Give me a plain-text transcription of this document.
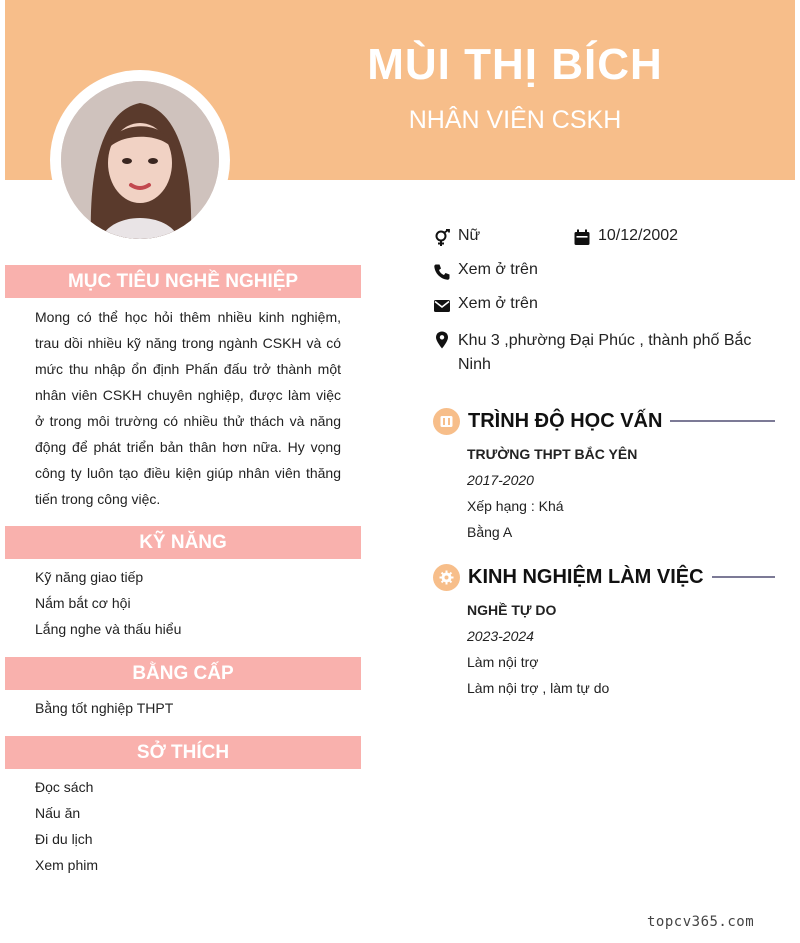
MÙI THỊ BÍCH
NHÂN VIÊN CSKH
MỤC TIÊU NGHỀ NGHIỆP
Mong có thể học hỏi thêm nhiều kinh nghiệm, trau dồi nhiều kỹ năng trong ngành CSKH và có mức thu nhập ổn định Phấn đấu trở thành một nhân viên CSKH chuyên nghiệp, được làm việc ở trong môi trường có nhiều thử thách và năng động để phát triển bản thân hơn nữa. Hy vọng công ty luôn tạo điều kiện giúp nhân viên thăng tiến trong công việc.
KỸ NĂNG
Kỹ năng giao tiếp
Nắm bắt cơ hội
Lắng nghe và thấu hiểu
BẰNG CẤP
Bằng tốt nghiệp THPT
SỞ THÍCH
Đọc sách
Nấu ăn
Đi du lịch
Xem phim
Nữ	10/12/2002
Xem ở trên
Xem ở trên
Khu 3 ,phường Đại Phúc , thành phố Bắc Ninh
TRÌNH ĐỘ HỌC VẤN
TRƯỜNG THPT BẮC YÊN
2017-2020
Xếp hạng : Khá
Bằng A
KINH NGHIỆM LÀM VIỆC
NGHỀ TỰ DO
2023-2024
Làm nội trợ
Làm nội trợ , làm tự do
topcv365.com
